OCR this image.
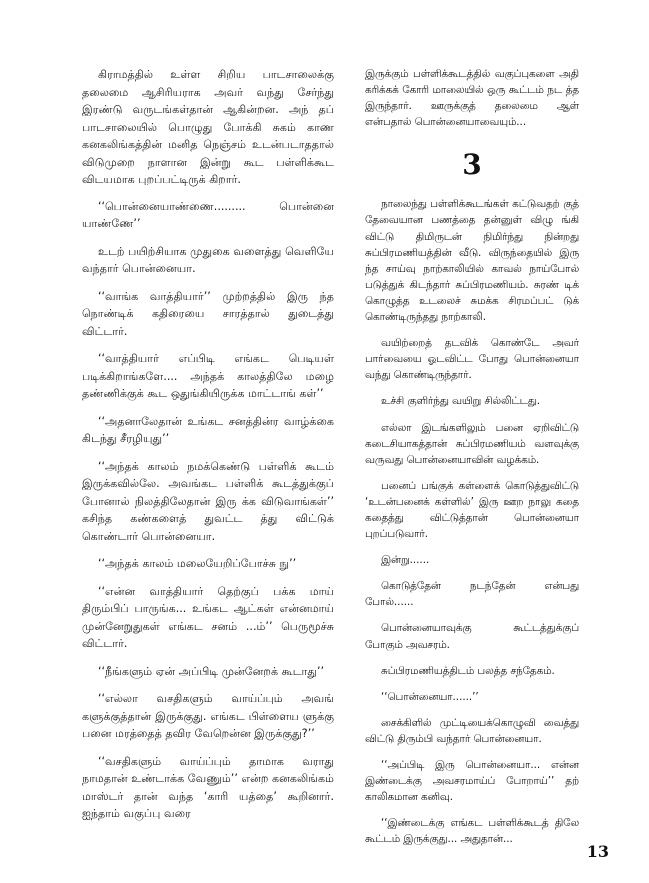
கிராமத்தில் உள்ள சிறிய பாடசாலைக்கு தலைமை ஆசிரியராக அவர் வந்து சேர்ந்து இரண்டு வருடங்கள்தான் ஆகின்றன. அந் தப் பாடசாலையில் பொழுது போக்கி சுகம் காண கனகலிங்கத்தின் மனித நெஞ்சம் உடன்படாததால் விடுமுறை நாளான இன்று கூட பள்ளிக்கூட விடயமாக புறப்பட்டிருக் கிறார்.

‘‘பொன்னையாண்ணை......... பொன்னை யாண்ணே’’

உடற் பயிற்சியாக முதுகை வளைத்து வெளியே வந்தார் பொன்னையா.

‘‘வாங்க வாத்தியார்’’ முற்றத்தில் இரு ந்த நொண்டிக் கதிரையை சாரத்தால் துடைத்து விட்டார்.

‘‘வாத்தியார் எப்பிடி எங்கட பெடியள் படிக்கிறாங்களே.... அந்தக் காலத்திலே மழை தண்ணிக்குக் கூட ஒதுங்கியிருக்க மாட்டாங் கள்’’

‘‘அதனாலேதான் உங்கட சனத்தின்ர வாழ்க்கை கிடந்து சீரழியுது’’

‘‘அந்தக் காலம் நமக்கெண்டு பள்ளிக் கூடம் இருக்கவில்லே. அவங்கட பள்ளிக் கூடத்துக்குப் போனால் நிலத்திலேதான் இரு க்க விடுவாங்கள்’’ கசிந்த கண்களைத் துவட்ட த்து விட்டுக் கொண்டார் பொன்னையா.

‘‘அந்தக் காலம் மலையேறிப்போச்சு நு’’

‘‘என்ன வாத்தியார் தெற்குப் பக்க மாய் திரும்பிப் பாருங்க... உங்கட ஆட்கள் என்னமாய் முன்னேறுதுகள் எங்கட சனம் ...ம்’’ பெருமூச்சு விட்டார்.

‘‘நீங்களும் ஏன் அப்பிடி முன்னேறக் கூடாது’’

‘‘எல்லா வசதிகளும் வாய்ப்பும் அவங் களுக்குத்தான் இருக்குது. எங்கட பிள்ளைய ளுக்கு பனை மரத்தைத் தவிர வேறென்ன இருக்குது?’’

‘‘வசதிகளும் வாய்ப்பும் தாமாக வராது நாமதான் உண்டாக்க வேணும்’’ என்ற கனகலிங்கம் மாஸ்டர் தான் வந்த ‘காரி யத்தை’ கூறினார். ஐந்தாம் வகுப்பு வரை

இருக்கும் பள்ளிக்கூடத்தில் வகுப்புகளை அதி கரிக்கக் கோரி மாலையில் ஒரு கூட்டம் நட த்த இருந்தார். ஊருக்குத் தலைமை ஆள் என்பதால் பொன்னையாவையும்...

3

நாலைந்து பள்ளிக்கூடங்கள் கட்டுவதற் குத் தேவையான பணத்தை தன்னுள் விழு ங்கி விட்டு திமிருடன் நிமிர்ந்து நின்றது சுப்பிரமணியத்தின் வீடு. விருந்தையில் இரு ந்த சாய்வு நாற்காலியில் காவல் நாய்போல் படுத்துக் கிடந்தார் சுப்பிரமணியம். சுரண் டிக் கொழுத்த உடலைச் சுமக்க சிரமப்பட் டுக் கொண்டிருந்தது நாற்காலி.

வயிற்றைத் தடவிக் கொண்டே அவர் பார்வையை ஓடவிட்ட போது பொன்னையா வந்து கொண்டிருந்தார்.

உச்சி குளிர்ந்து வயிறு சில்லிட்டது.

எல்லா இடங்களிலும் பனை ஏறிவிட்டு கடைசியாகத்தான் சுப்பிரமணியம் வளவுக்கு வருவது பொன்னையாவின் வழக்கம்.

பனைப் பங்குக் கள்ளைக் கொடுத்துவிட்டு ‘உடன்பனைக் கள்ளில்’ இரு ஊற நாலு கதை கதைத்து விட்டுத்தான் பொன்னையா புறப்படுவார்.

இன்று......

கொடுத்தேன் நடந்தேன் என்பது போல்......

பொன்னையாவுக்கு கூட்டத்துக்குப் போகும் அவசரம்.

சுப்பிரமணியத்திடம் பலத்த சந்தேகம்.

‘‘பொன்னையா......’’

சைக்கிளில் முட்டியைக்கொழுவி வைத்து விட்டு திரும்பி வந்தார் பொன்னையா.

‘‘அப்பிடி இரு பொன்னையா... என்ன இண்டைக்கு அவசரமாய்ப் போறாய்’’ தற் காலிகமான கனிவு.

‘‘இண்டைக்கு எங்கட பள்ளிக்கூடத் திலே கூட்டம் இருக்குது... அதுதான்...

13
